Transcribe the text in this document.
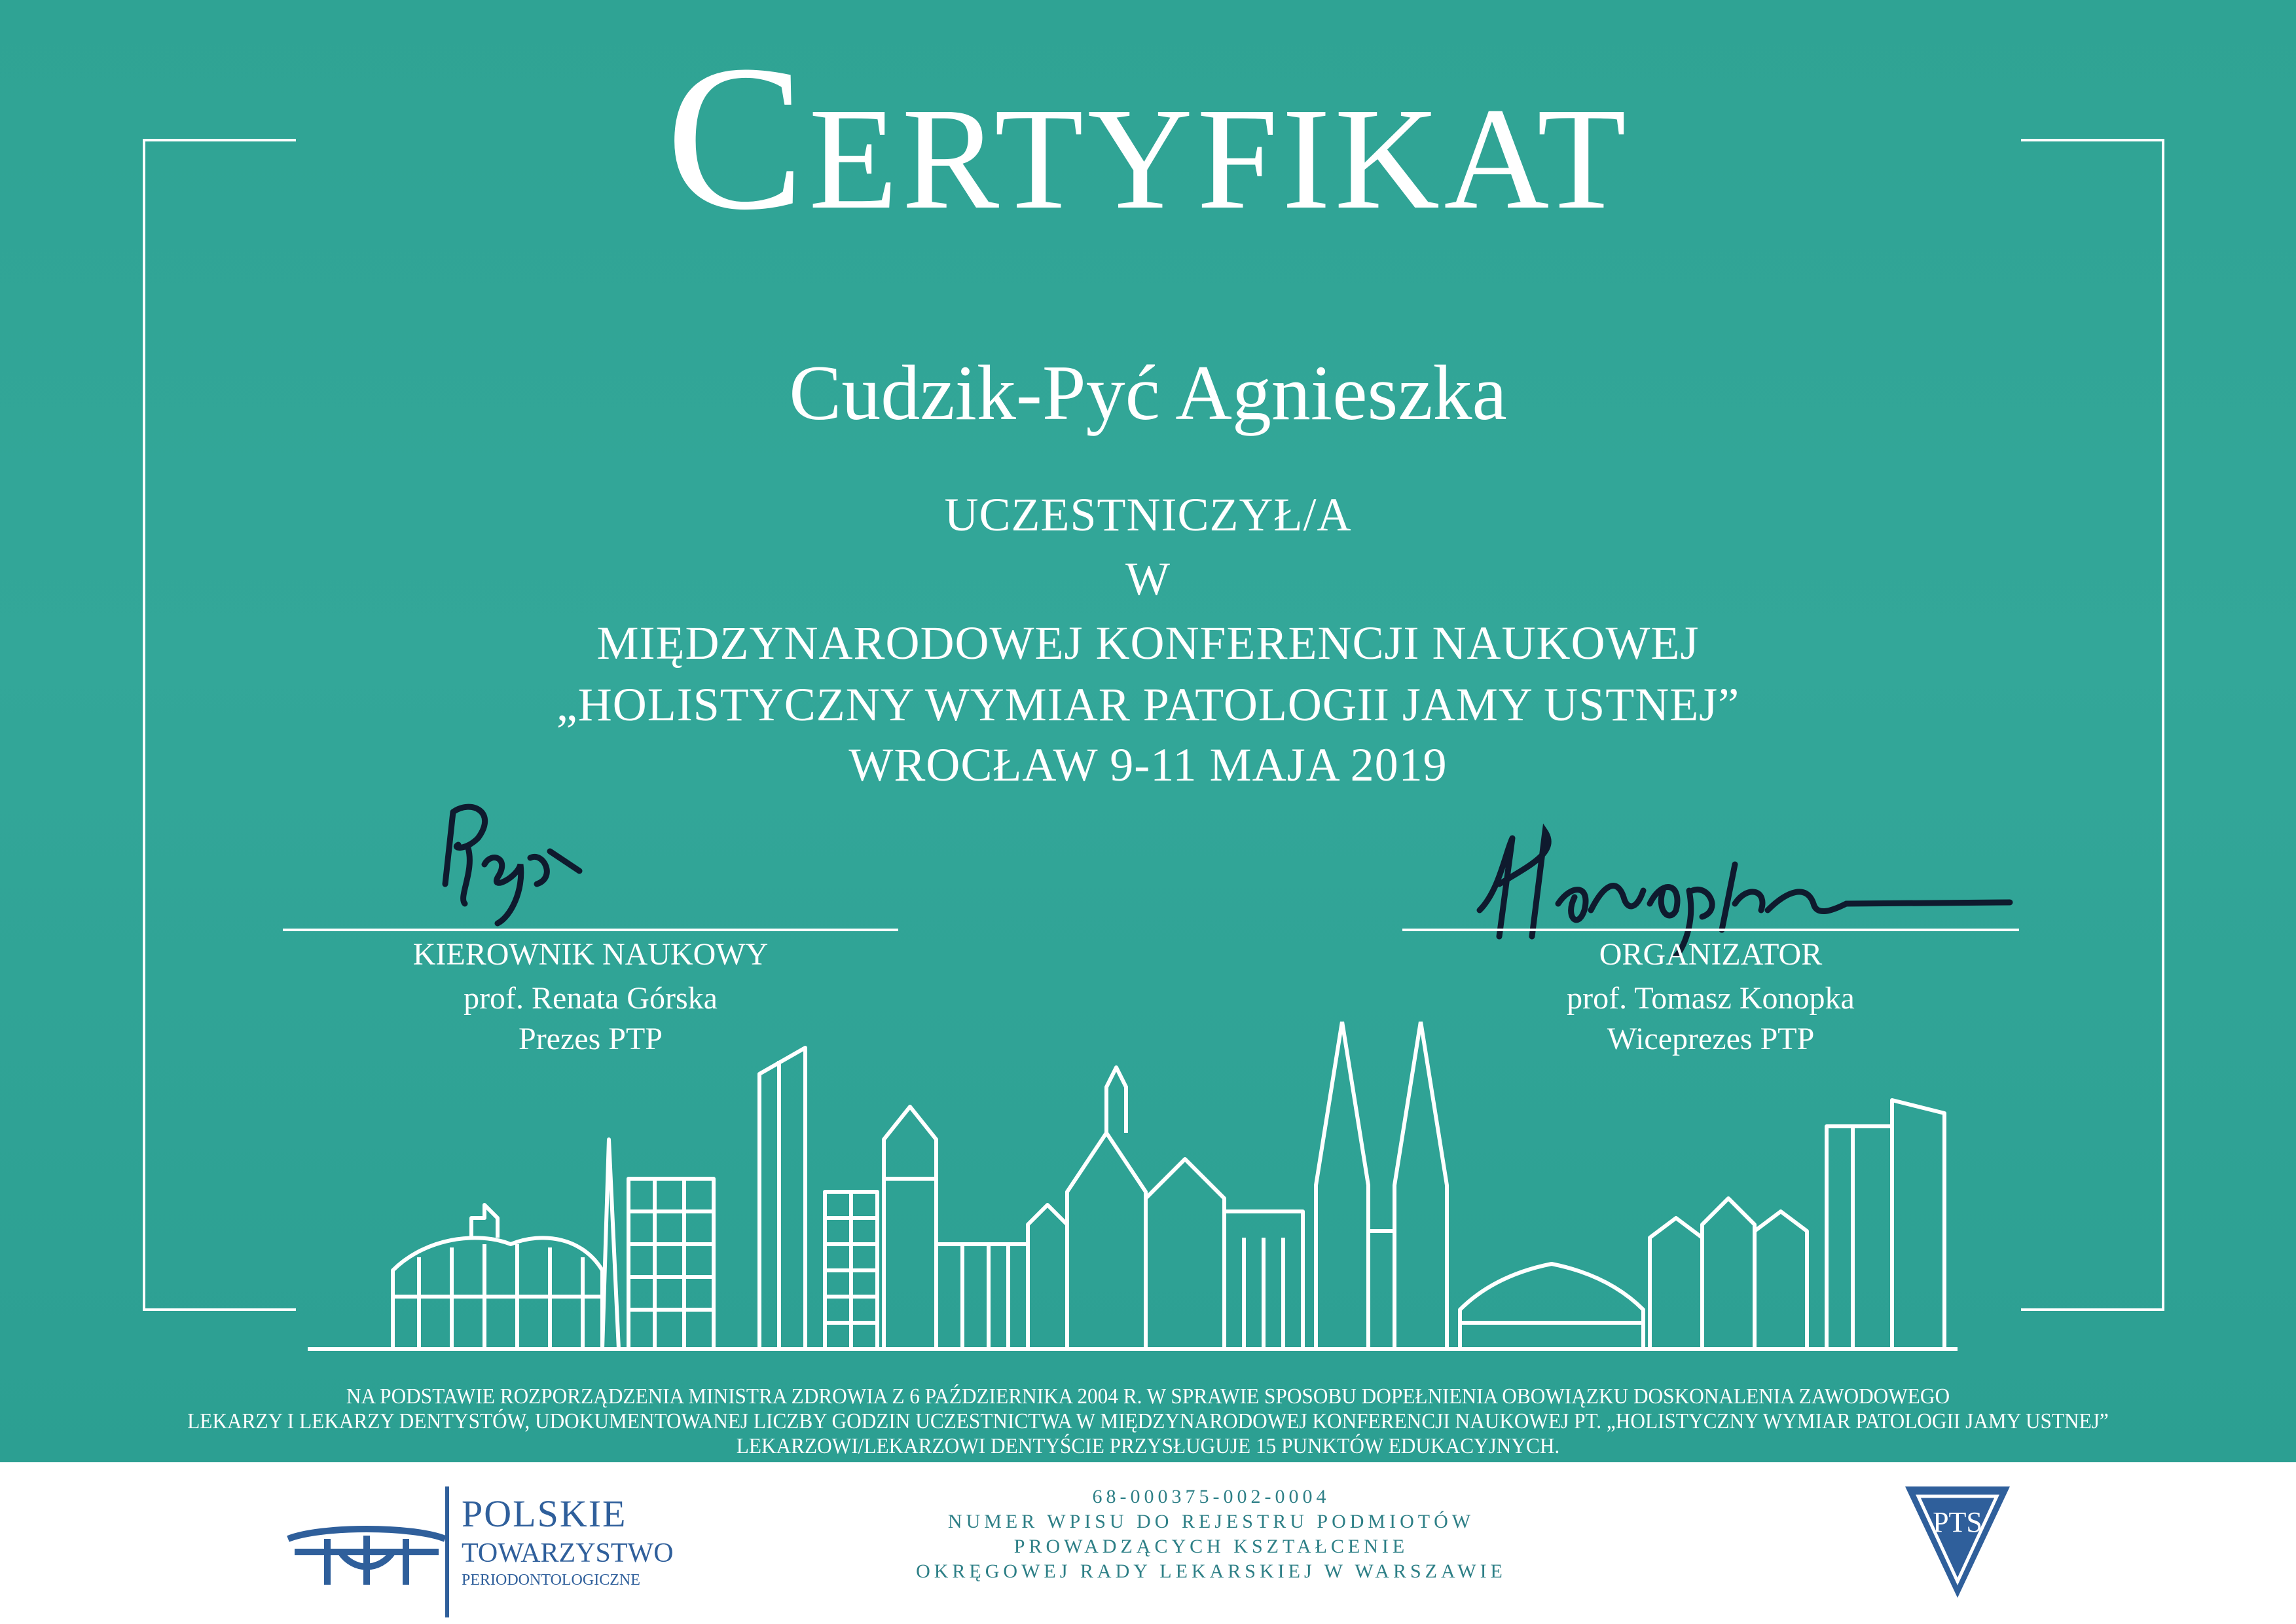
Certyfikat
Cudzik-Pyć Agnieszka
UCZESTNICZYŁ/A
W
MIĘDZYNARODOWEJ KONFERENCJI NAUKOWEJ
„HOLISTYCZNY WYMIAR PATOLOGII JAMY USTNEJ”
WROCŁAW 9-11 MAJA 2019
KIEROWNIK NAUKOWY
prof. Renata Górska
Prezes PTP
ORGANIZATOR
prof. Tomasz Konopka
Wiceprezes PTP
NA PODSTAWIE ROZPORZĄDZENIA MINISTRA ZDROWIA Z 6 PAŹDZIERNIKA 2004 R. W SPRAWIE SPOSOBU DOPEŁNIENIA OBOWIĄZKU DOSKONALENIA ZAWODOWEGO
LEKARZY I LEKARZY DENTYSTÓW, UDOKUMENTOWANEJ LICZBY GODZIN UCZESTNICTWA W MIĘDZYNARODOWEJ KONFERENCJI NAUKOWEJ PT. „HOLISTYCZNY WYMIAR PATOLOGII JAMY USTNEJ”
LEKARZOWI/LEKARZOWI DENTYŚCIE PRZYSŁUGUJE 15 PUNKTÓW EDUKACYJNYCH.
POLSKIE
TOWARZYSTWO
PERIODONTOLOGICZNE
68-000375-002-0004
NUMER WPISU DO REJESTRU PODMIOTÓW
PROWADZĄCYCH KSZTAŁCENIE
OKRĘGOWEJ RADY LEKARSKIEJ W WARSZAWIE
PTS
